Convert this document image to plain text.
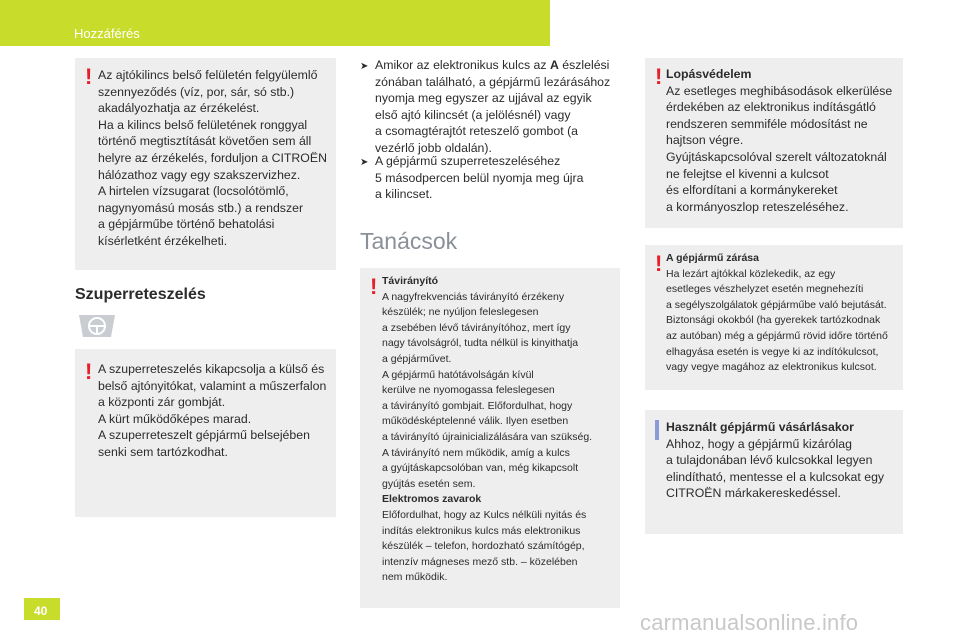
Hozzáférés
! Az ajtókilincs belső felületén felgyülemlő
szennyeződés (víz, por, sár, só stb.)
akadályozhatja az érzékelést.
Ha a kilincs belső felületének ronggyal
történő megtisztítását követően sem áll
helyre az érzékelés, forduljon a CITROËN
hálózathoz vagy egy szakszervizhez.
A hirtelen vízsugarat (locsolótömlő,
nagynyomású mosás stb.) a rendszer
a gépjárműbe történő behatolási
kísérletként érzékelheti.
Szuperreteszelés
! A szuperreteszelés kikapcsolja a külső és
belső ajtónyitókat, valamint a műszerfalon
a központi zár gombját.
A kürt működőképes marad.
A szuperreteszelt gépjármű belsejében
senki sem tartózkodhat.
➤ Amikor az elektronikus kulcs az A észlelési
zónában található, a gépjármű lezárásához
nyomja meg egyszer az ujjával az egyik
első ajtó kilincsét (a jelölésnél) vagy
a csomagtérajtót reteszelő gombot (a
vezérlő jobb oldalán).
➤ A gépjármű szuperreteszeléséhez
5 másodpercen belül nyomja meg újra
a kilincset.
Tanácsok
! Távirányító
A nagyfrekvenciás távirányító érzékeny
készülék; ne nyúljon feleslegesen
a zsebében lévő távirányítóhoz, mert így
nagy távolságról, tudta nélkül is kinyithatja
a gépjárművet.
A gépjármű hatótávolságán kívül
kerülve ne nyomogassa feleslegesen
a távirányító gombjait. Előfordulhat, hogy
működésképtelenné válik. Ilyen esetben
a távirányító újrainicializálására van szükség.
A távirányító nem működik, amíg a kulcs
a gyújtáskapcsolóban van, még kikapcsolt
gyújtás esetén sem.
Elektromos zavarok
Előfordulhat, hogy az Kulcs nélküli nyitás és
indítás elektronikus kulcs más elektronikus
készülék – telefon, hordozható számítógép,
intenzív mágneses mező stb. – közelében
nem működik.
! Lopásvédelem
Az esetleges meghibásodások elkerülése
érdekében az elektronikus indításgátló
rendszeren semmiféle módosítást ne
hajtson végre.
Gyújtáskapcsolóval szerelt változatoknál
ne felejtse el kivenni a kulcsot
és elfordítani a kormánykereket
a kormányoszlop reteszeléséhez.
! A gépjármű zárása
Ha lezárt ajtókkal közlekedik, az egy
esetleges vészhelyzet esetén megnehezíti
a segélyszolgálatok gépjárműbe való bejutását.
Biztonsági okokból (ha gyerekek tartózkodnak
az autóban) még a gépjármű rövid időre történő
elhagyása esetén is vegye ki az indítókulcsot,
vagy vegye magához az elektronikus kulcsot.
Használt gépjármű vásárlásakor
Ahhoz, hogy a gépjármű kizárólag
a tulajdonában lévő kulcsokkal legyen
elindítható, mentesse el a kulcsokat egy
CITROËN márkakereskedéssel.
40	carmanualsonline.info
